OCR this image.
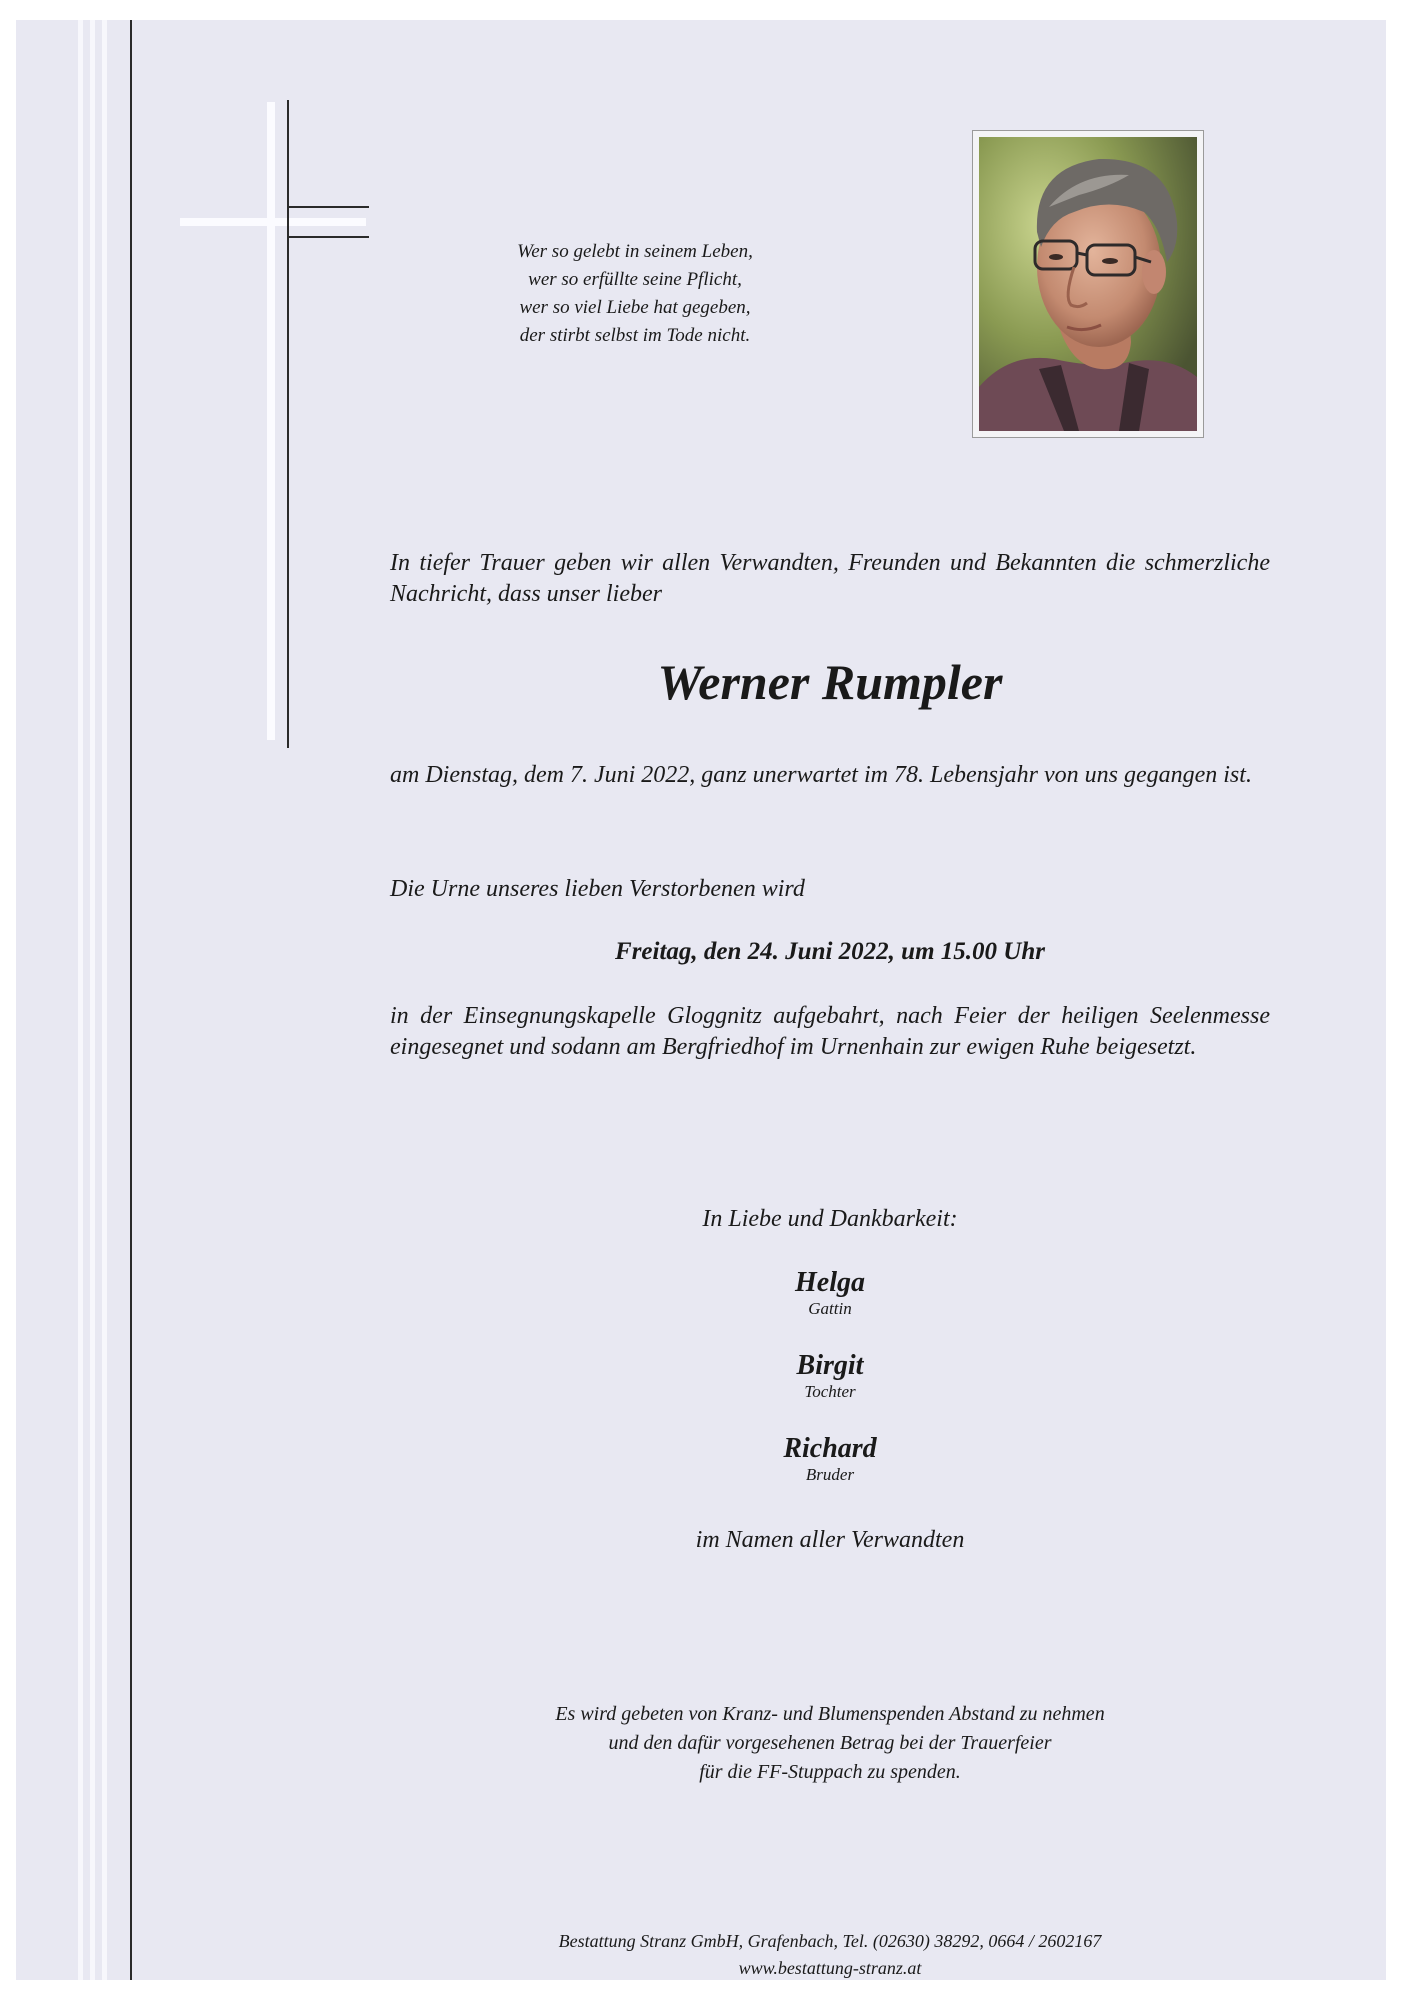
Wer so gelebt in seinem Leben,
wer so erfüllte seine Pflicht,
wer so viel Liebe hat gegeben,
der stirbt selbst im Tode nicht.
In tiefer Trauer geben wir allen Verwandten, Freunden und Bekannten die schmerzliche Nachricht, dass unser lieber
Werner Rumpler
am Dienstag, dem 7. Juni 2022, ganz unerwartet im 78. Lebensjahr von uns gegangen ist.
Die Urne unseres lieben Verstorbenen wird
Freitag, den 24. Juni 2022, um 15.00 Uhr
in der Einsegnungskapelle Gloggnitz aufgebahrt, nach Feier der heiligen Seelenmesse eingesegnet und sodann am Bergfriedhof im Urnenhain zur ewigen Ruhe beigesetzt.
In Liebe und Dankbarkeit:
Helga
Gattin
Birgit
Tochter
Richard
Bruder
im Namen aller Verwandten
Es wird gebeten von Kranz- und Blumenspenden Abstand zu nehmen
und den dafür vorgesehenen Betrag bei der Trauerfeier
für die FF-Stuppach zu spenden.
Bestattung Stranz GmbH, Grafenbach, Tel. (02630) 38292, 0664 / 2602167
www.bestattung-stranz.at
